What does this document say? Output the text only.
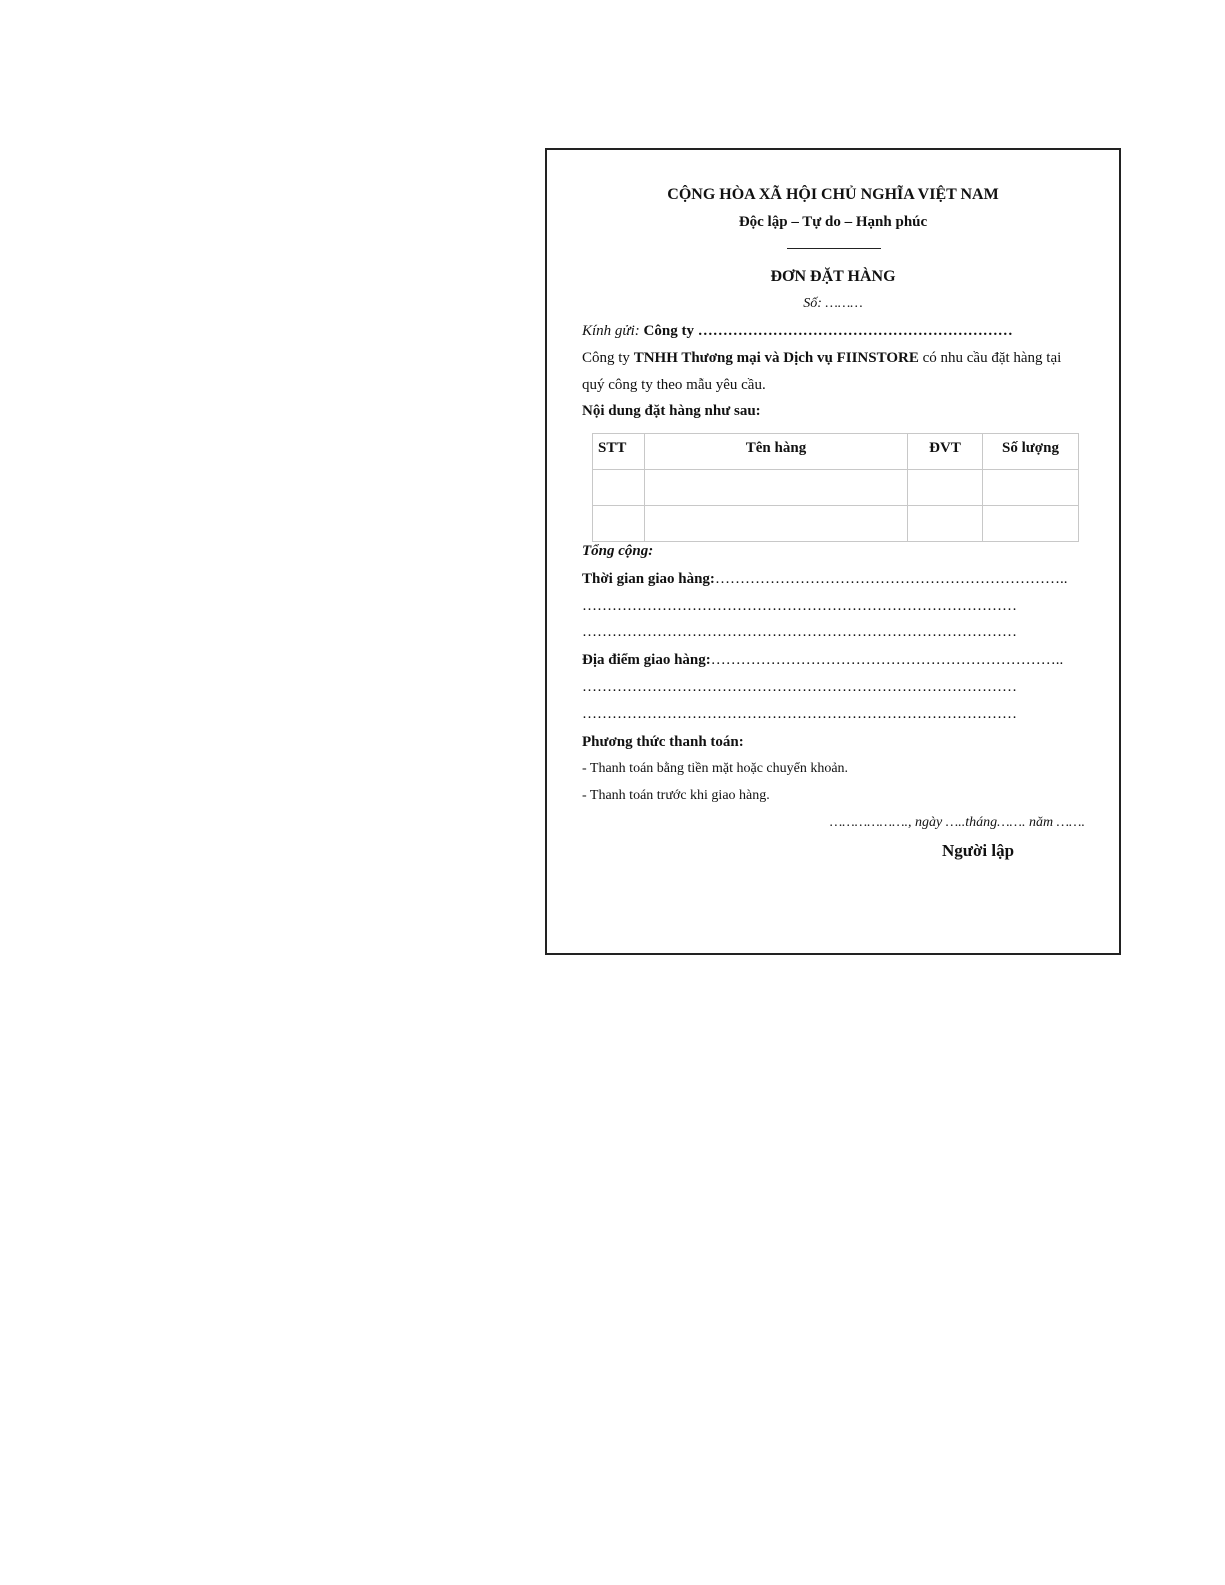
CỘNG HÒA XÃ HỘI CHỦ NGHĨA VIỆT NAM
Độc lập – Tự do – Hạnh phúc
ĐƠN ĐẶT HÀNG
Số: ………
Kính gửi: Công ty ………………………………………………………
Công ty TNHH Thương mại và Dịch vụ FIINSTORE có nhu cầu đặt hàng tại
quý công ty theo mẫu yêu cầu.
Nội dung đặt hàng như sau:
STT	Tên hàng	ĐVT	Số lượng

Tổng cộng:
Thời gian giao hàng:……………………………………………………………..
……………………………………………………………………………
……………………………………………………………………………
Địa điểm giao hàng:……………………………………………………………..
……………………………………………………………………………
……………………………………………………………………………
Phương thức thanh toán:
- Thanh toán bằng tiền mặt hoặc chuyển khoản.
- Thanh toán trước khi giao hàng.
………………., ngày …..tháng……. năm …….
Người lập
